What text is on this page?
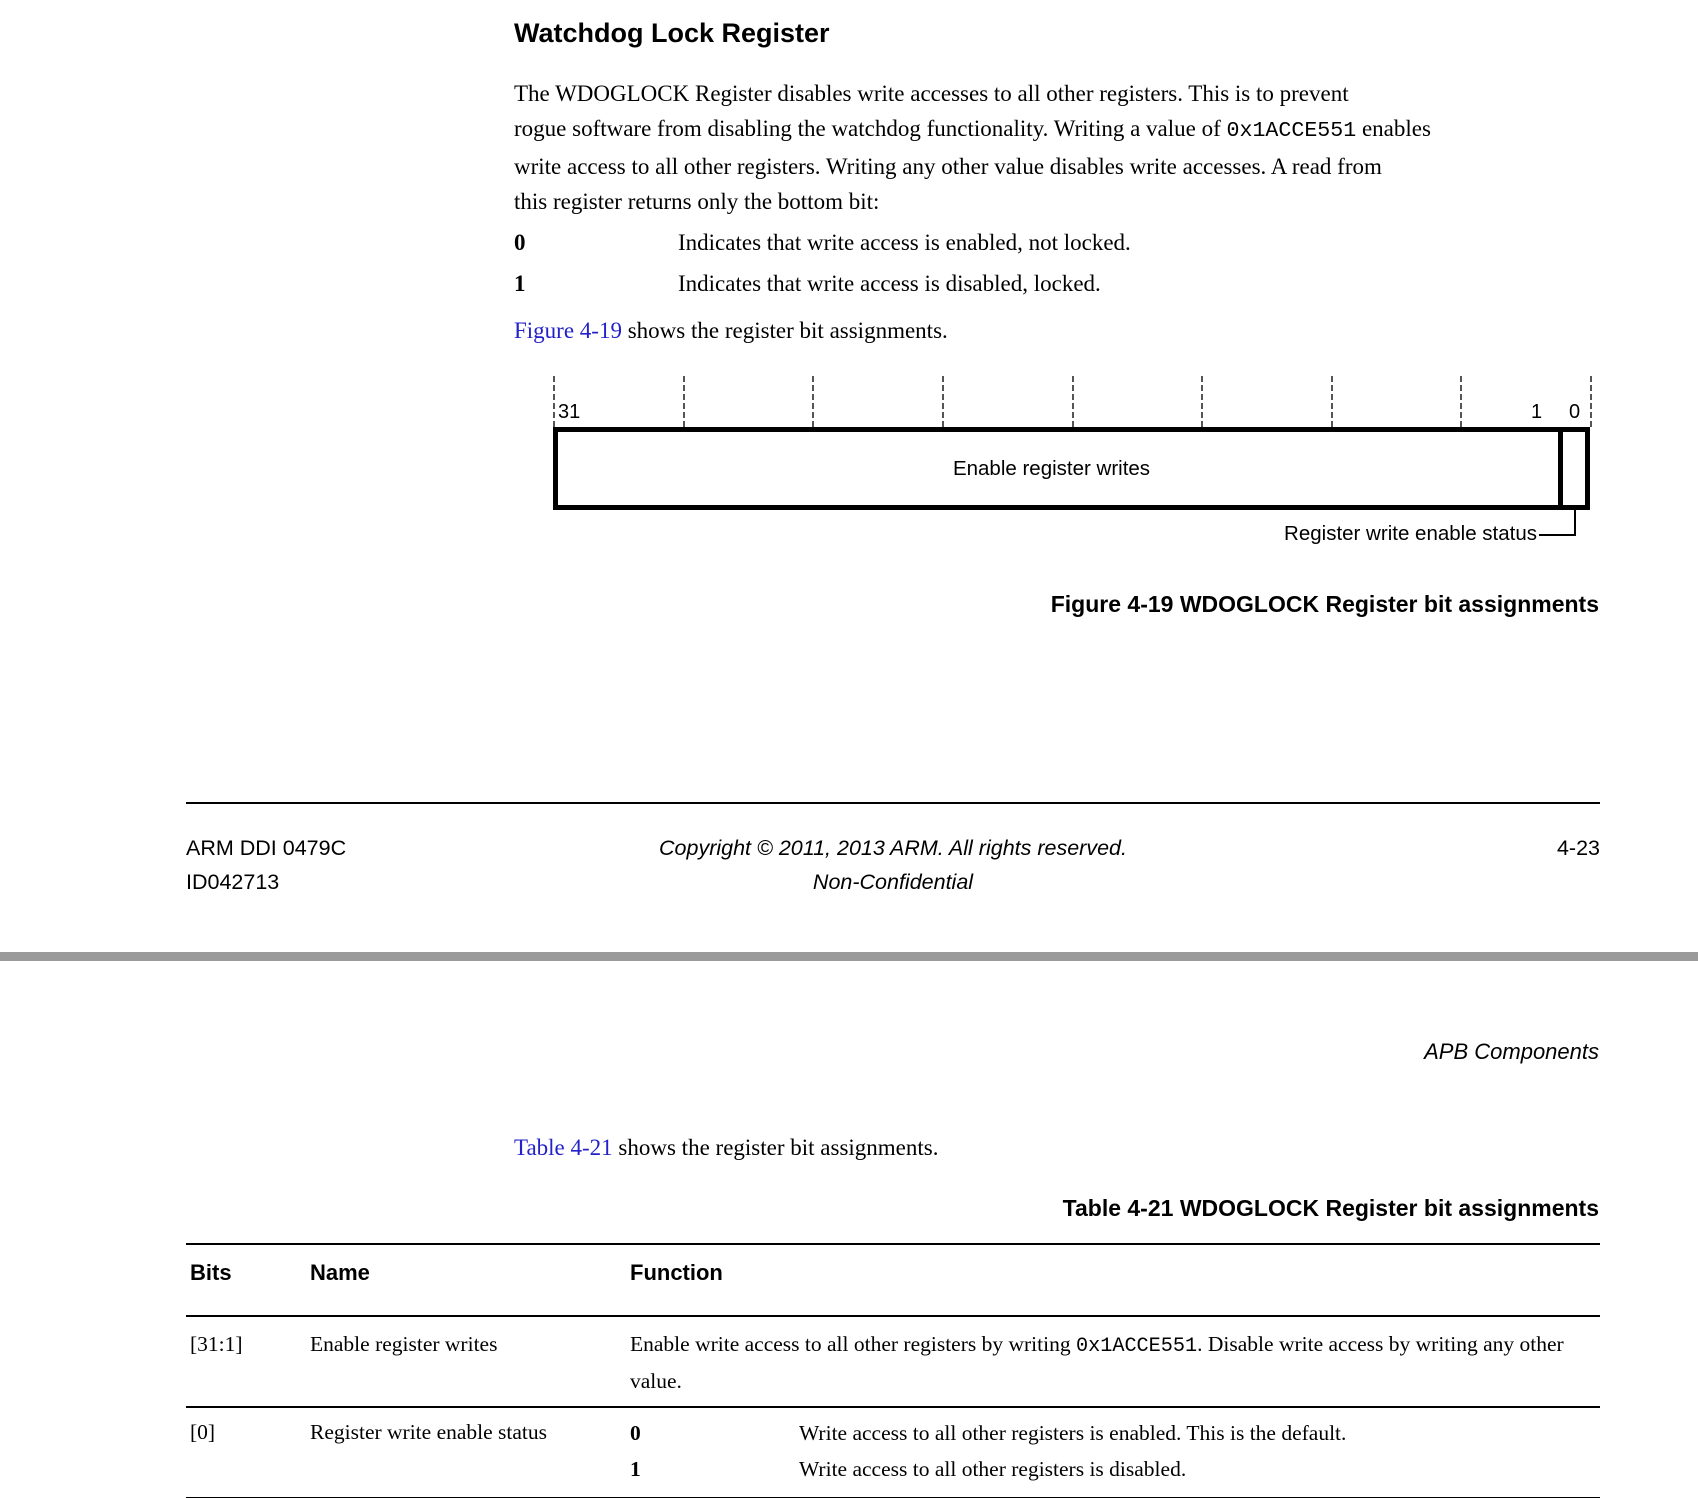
Watchdog Lock Register
The WDOGLOCK Register disables write accesses to all other registers. This is to prevent
rogue software from disabling the watchdog functionality. Writing a value of 0x1ACCE551 enables
write access to all other registers. Writing any other value disables write accesses. A read from
this register returns only the bottom bit:
0	Indicates that write access is enabled, not locked.
1	Indicates that write access is disabled, locked.
Figure 4-19 shows the register bit assignments.
31	1 0
Enable register writes
Register write enable status
Figure 4-19 WDOGLOCK Register bit assignments
ARM DDI 0479C
ID042713
Copyright © 2011, 2013 ARM. All rights reserved.
Non-Confidential
4-23
APB Components
Table 4-21 shows the register bit assignments.
Table 4-21 WDOGLOCK Register bit assignments
Bits	Name	Function
[31:1]	Enable register writes	Enable write access to all other registers by writing 0x1ACCE551. Disable write access by writing any other value.
[0]	Register write enable status	0	Write access to all other registers is enabled. This is the default.
1	Write access to all other registers is disabled.
